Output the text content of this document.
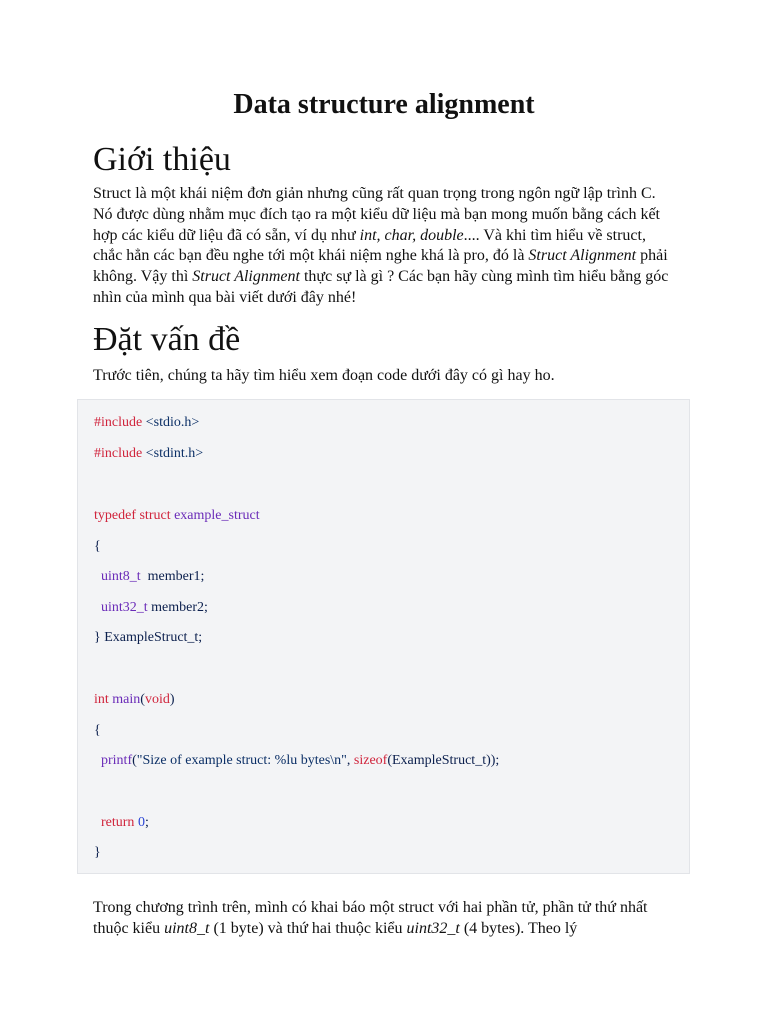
Data structure alignment
Giới thiệu

Struct là một khái niệm đơn giản nhưng cũng rất quan trọng trong ngôn ngữ lập trình C. Nó được dùng nhằm mục đích tạo ra một kiểu dữ liệu mà bạn mong muốn bằng cách kết hợp các kiểu dữ liệu đã có sẵn, ví dụ như int, char, double.... Và khi tìm hiểu về struct, chắc hẳn các bạn đều nghe tới một khái niệm nghe khá là pro, đó là Struct Alignment phải không. Vậy thì Struct Alignment thực sự là gì ? Các bạn hãy cùng mình tìm hiểu bằng góc nhìn của mình qua bài viết dưới đây nhé!

Đặt vấn đề

Trước tiên, chúng ta hãy tìm hiểu xem đoạn code dưới đây có gì hay ho.

#include <stdio.h>
#include <stdint.h>
typedef struct example_struct
{
uint8_t  member1;
uint32_t member2;
} ExampleStruct_t;
int main(void)
{
printf("Size of example struct: %lu bytes\n", sizeof(ExampleStruct_t));
return 0;
}

Trong chương trình trên, mình có khai báo một struct với hai phần tử, phần tử thứ nhất thuộc kiểu uint8_t (1 byte) và thứ hai thuộc kiểu uint32_t (4 bytes). Theo lý
